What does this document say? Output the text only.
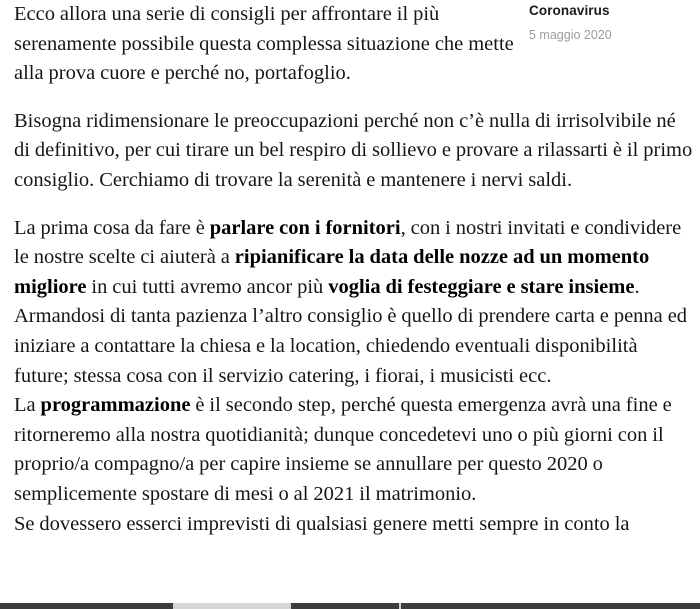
Coronavirus
5 maggio 2020

Ecco allora una serie di consigli per affrontare il più serenamente possibile questa complessa situazione che mette alla prova cuore e perché no, portafoglio.

Bisogna ridimensionare le preoccupazioni perché non c’è nulla di irrisolvibile né di definitivo, per cui tirare un bel respiro di sollievo e provare a rilassarti è il primo consiglio. Cerchiamo di trovare la serenità e mantenere i nervi saldi.

La prima cosa da fare è parlare con i fornitori, con i nostri invitati e condividere le nostre scelte ci aiuterà a ripianificare la data delle nozze ad un momento migliore in cui tutti avremo ancor più voglia di festeggiare e stare insieme. Armandosi di tanta pazienza l’altro consiglio è quello di prendere carta e penna ed iniziare a contattare la chiesa e la location, chiedendo eventuali disponibilità future; stessa cosa con il servizio catering, i fiorai, i musicisti ecc.

La programmazione è il secondo step, perché questa emergenza avrà una fine e ritorneremo alla nostra quotidianità; dunque concedetevi uno o più giorni con il proprio/a compagno/a per capire insieme se annullare per questo 2020 o semplicemente spostare di mesi o al 2021 il matrimonio.

Se dovessero esserci imprevisti di qualsiasi genere metti sempre in conto la
